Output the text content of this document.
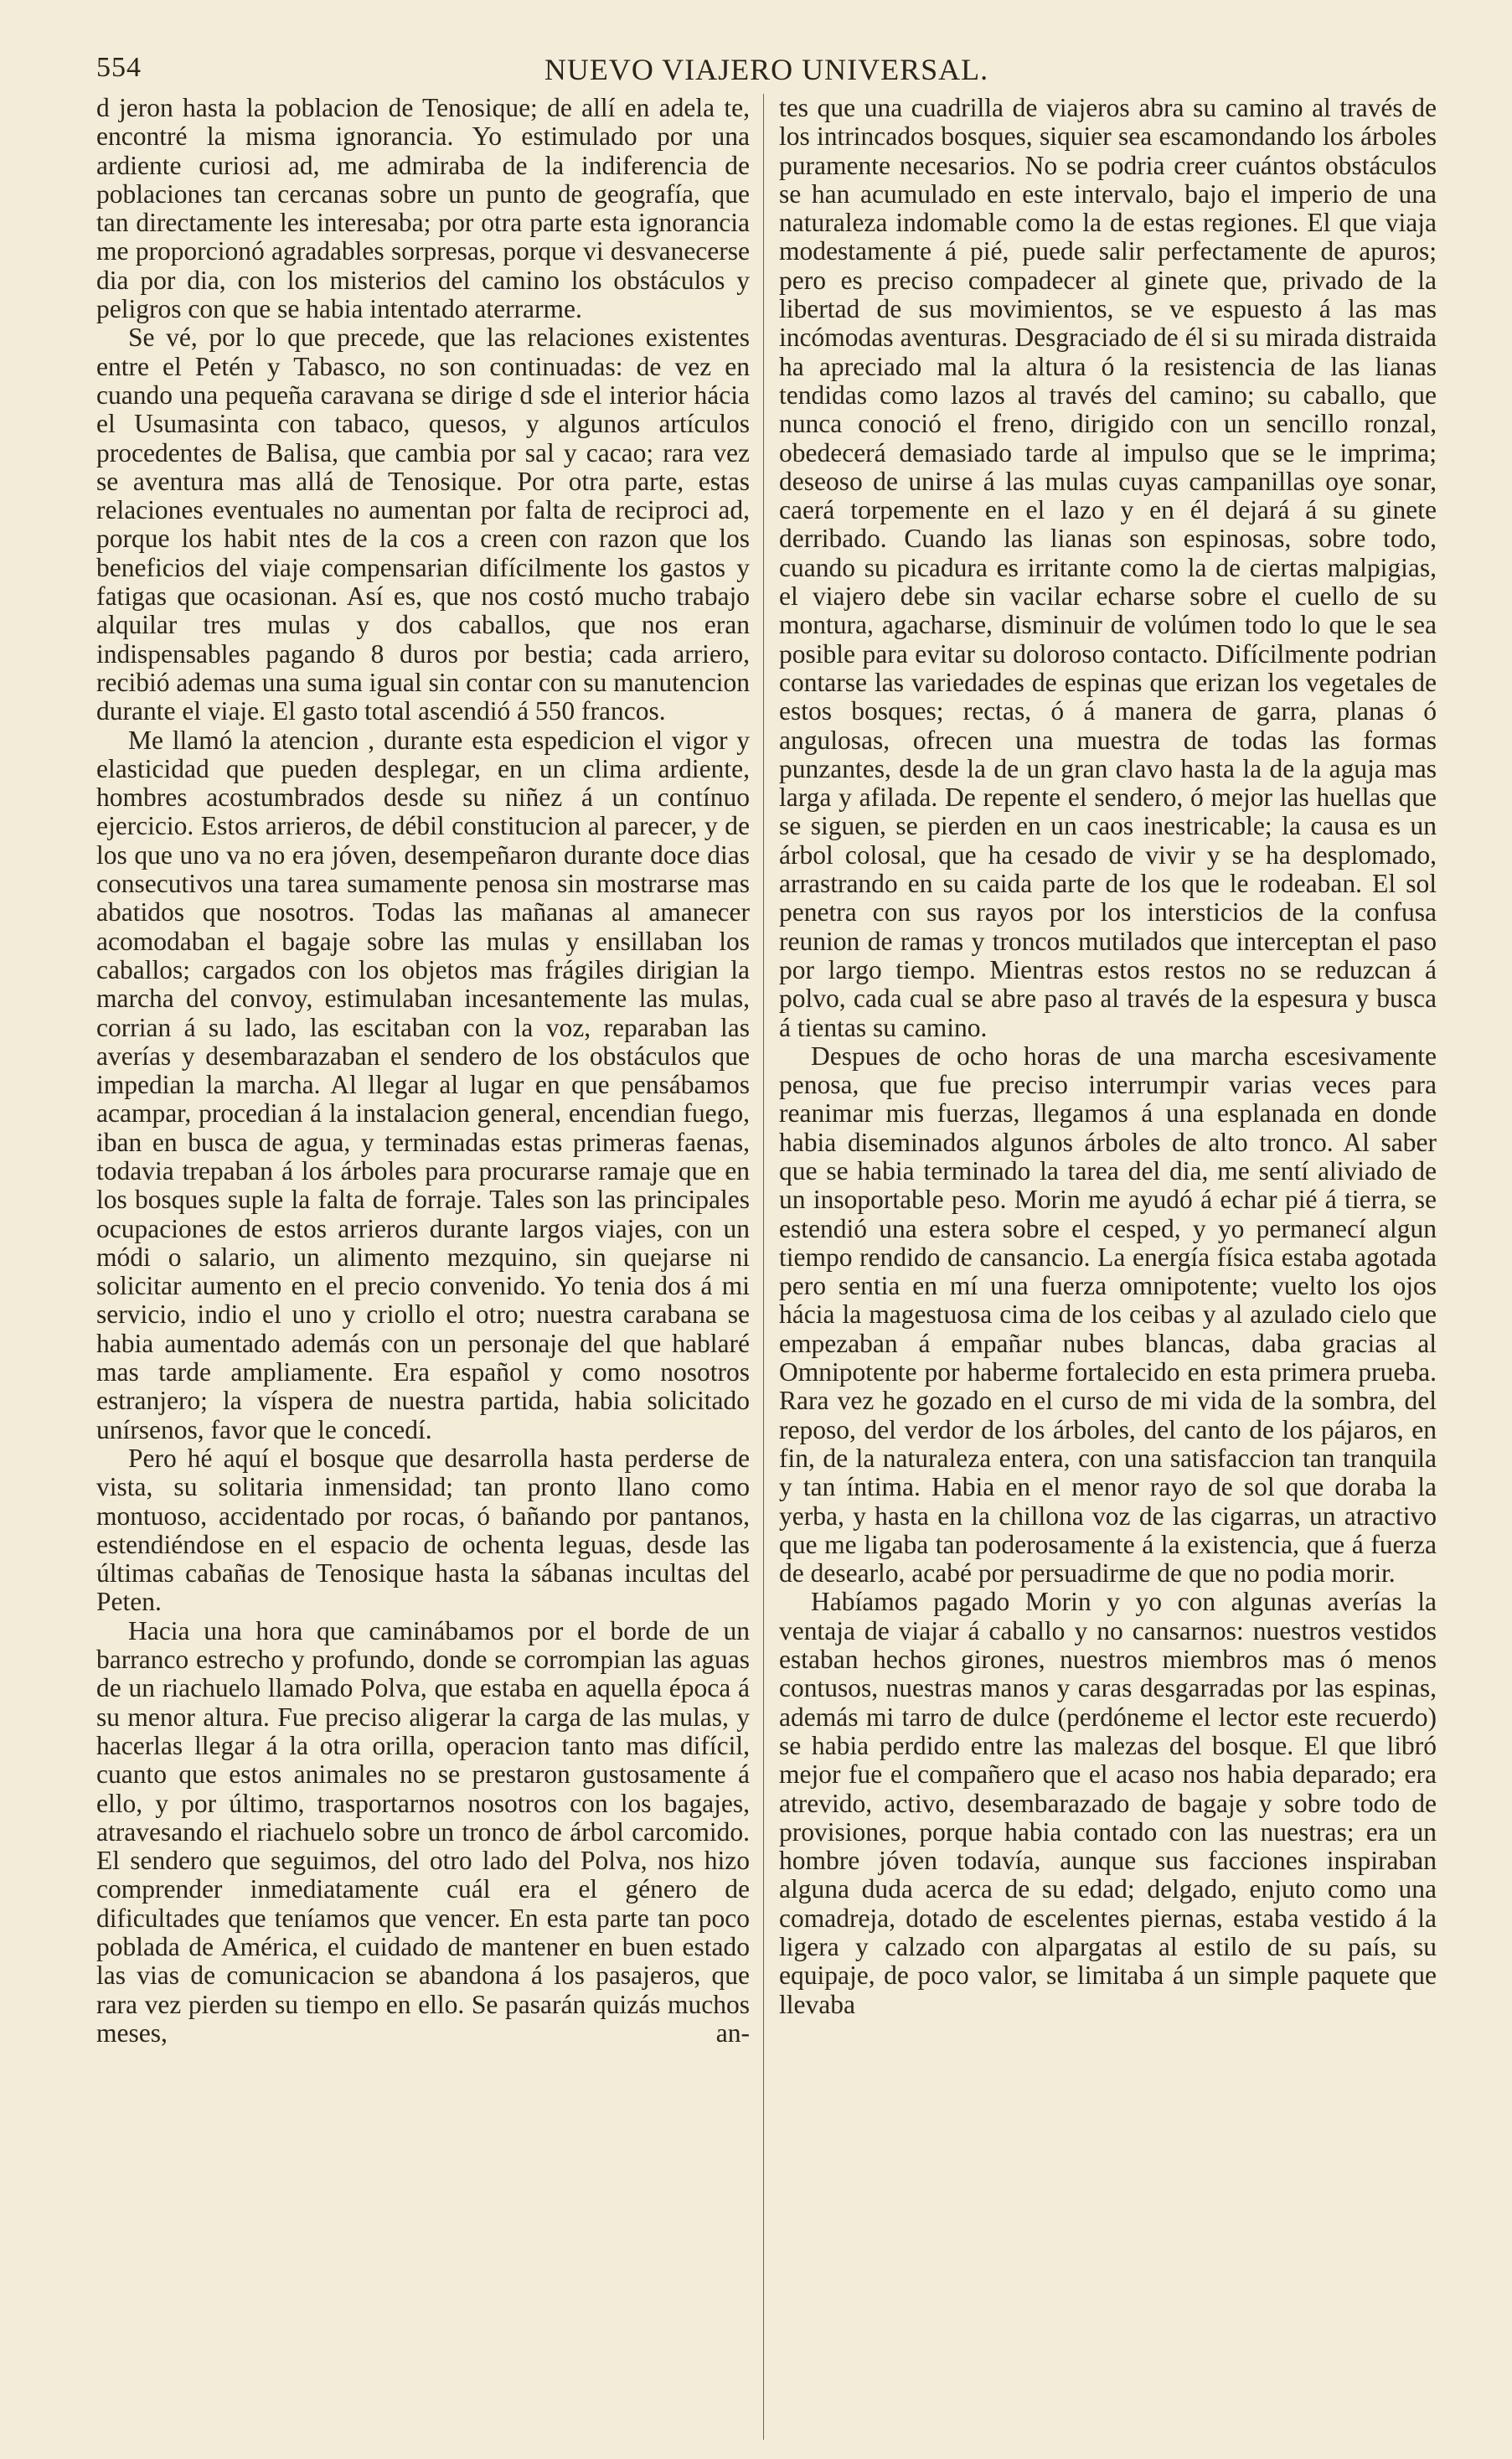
554	NUEVO VIAJERO UNIVERSAL.

d jeron hasta la poblacion de Tenosique; de allí en adela te, encontré la misma ignorancia. Yo estimulado por una ardiente curiosi ad, me admiraba de la indiferencia de poblaciones tan cercanas sobre un punto de geografía, que tan directamente les interesaba; por otra parte esta ignorancia me proporcionó agradables sorpresas, porque vi desvanecerse dia por dia, con los misterios del camino los obstáculos y peligros con que se habia intentado aterrarme.

Se vé, por lo que precede, que las relaciones existentes entre el Petén y Tabasco, no son continuadas: de vez en cuando una pequeña caravana se dirige d sde el interior hácia el Usumasinta con tabaco, quesos, y algunos artículos procedentes de Balisa, que cambia por sal y cacao; rara vez se aventura mas allá de Tenosique. Por otra parte, estas relaciones eventuales no aumentan por falta de reciproci ad, porque los habit ntes de la cos a creen con razon que los beneficios del viaje compensarian difícilmente los gastos y fatigas que ocasionan. Así es, que nos costó mucho trabajo alquilar tres mulas y dos caballos, que nos eran indispensables pagando 8 duros por bestia; cada arriero, recibió ademas una suma igual sin contar con su manutencion durante el viaje. El gasto total ascendió á 550 francos.

Me llamó la atencion , durante esta espedicion el vigor y elasticidad que pueden desplegar, en un clima ardiente, hombres acostumbrados desde su niñez á un contínuo ejercicio. Estos arrieros, de débil constitucion al parecer, y de los que uno va no era jóven, desempeñaron durante doce dias consecutivos una tarea sumamente penosa sin mostrarse mas abatidos que nosotros. Todas las mañanas al amanecer acomodaban el bagaje sobre las mulas y ensillaban los caballos; cargados con los objetos mas frágiles dirigian la marcha del convoy, estimulaban incesantemente las mulas, corrian á su lado, las escitaban con la voz, reparaban las averías y desembarazaban el sendero de los obstáculos que impedian la marcha. Al llegar al lugar en que pensábamos acampar, procedian á la instalacion general, encendian fuego, iban en busca de agua, y terminadas estas primeras faenas, todavia trepaban á los árboles para procurarse ramaje que en los bosques suple la falta de forraje. Tales son las principales ocupaciones de estos arrieros durante largos viajes, con un módi o salario, un alimento mezquino, sin quejarse ni solicitar aumento en el precio convenido. Yo tenia dos á mi servicio, indio el uno y criollo el otro; nuestra carabana se habia aumentado además con un personaje del que hablaré mas tarde ampliamente. Era español y como nosotros estranjero; la víspera de nuestra partida, habia solicitado unírsenos, favor que le concedí.

Pero hé aquí el bosque que desarrolla hasta perderse de vista, su solitaria inmensidad; tan pronto llano como montuoso, accidentado por rocas, ó bañando por pantanos, estendiéndose en el espacio de ochenta leguas, desde las últimas cabañas de Tenosique hasta la sábanas incultas del Peten.

Hacia una hora que caminábamos por el borde de un barranco estrecho y profundo, donde se corrompian las aguas de un riachuelo llamado Polva, que estaba en aquella época á su menor altura. Fue preciso aligerar la carga de las mulas, y hacerlas llegar á la otra orilla, operacion tanto mas difícil, cuanto que estos animales no se prestaron gustosamente á ello, y por último, trasportarnos nosotros con los bagajes, atravesando el riachuelo sobre un tronco de árbol carcomido. El sendero que seguimos, del otro lado del Polva, nos hizo comprender inmediatamente cuál era el género de dificultades que teníamos que vencer. En esta parte tan poco poblada de América, el cuidado de mantener en buen estado las vias de comunicacion se abandona á los pasajeros, que rara vez pierden su tiempo en ello. Se pasarán quizás muchos meses, an-

tes que una cuadrilla de viajeros abra su camino al través de los intrincados bosques, siquier sea escamondando los árboles puramente necesarios. No se podria creer cuántos obstáculos se han acumulado en este intervalo, bajo el imperio de una naturaleza indomable como la de estas regiones. El que viaja modestamente á pié, puede salir perfectamente de apuros; pero es preciso compadecer al ginete que, privado de la libertad de sus movimientos, se ve espuesto á las mas incómodas aventuras. Desgraciado de él si su mirada distraida ha apreciado mal la altura ó la resistencia de las lianas tendidas como lazos al través del camino; su caballo, que nunca conoció el freno, dirigido con un sencillo ronzal, obedecerá demasiado tarde al impulso que se le imprima; deseoso de unirse á las mulas cuyas campanillas oye sonar, caerá torpemente en el lazo y en él dejará á su ginete derribado. Cuando las lianas son espinosas, sobre todo, cuando su picadura es irritante como la de ciertas malpigias, el viajero debe sin vacilar echarse sobre el cuello de su montura, agacharse, disminuir de volúmen todo lo que le sea posible para evitar su doloroso contacto. Difícilmente podrian contarse las variedades de espinas que erizan los vegetales de estos bosques; rectas, ó á manera de garra, planas ó angulosas, ofrecen una muestra de todas las formas punzantes, desde la de un gran clavo hasta la de la aguja mas larga y afilada. De repente el sendero, ó mejor las huellas que se siguen, se pierden en un caos inestricable; la causa es un árbol colosal, que ha cesado de vivir y se ha desplomado, arrastrando en su caida parte de los que le rodeaban. El sol penetra con sus rayos por los intersticios de la confusa reunion de ramas y troncos mutilados que interceptan el paso por largo tiempo. Mientras estos restos no se reduzcan á polvo, cada cual se abre paso al través de la espesura y busca á tientas su camino.

Despues de ocho horas de una marcha escesivamente penosa, que fue preciso interrumpir varias veces para reanimar mis fuerzas, llegamos á una esplanada en donde habia diseminados algunos árboles de alto tronco. Al saber que se habia terminado la tarea del dia, me sentí aliviado de un insoportable peso. Morin me ayudó á echar pié á tierra, se estendió una estera sobre el cesped, y yo permanecí algun tiempo rendido de cansancio. La energía física estaba agotada pero sentia en mí una fuerza omnipotente; vuelto los ojos hácia la magestuosa cima de los ceibas y al azulado cielo que empezaban á empañar nubes blancas, daba gracias al Omnipotente por haberme fortalecido en esta primera prueba. Rara vez he gozado en el curso de mi vida de la sombra, del reposo, del verdor de los árboles, del canto de los pájaros, en fin, de la naturaleza entera, con una satisfaccion tan tranquila y tan íntima. Habia en el menor rayo de sol que doraba la yerba, y hasta en la chillona voz de las cigarras, un atractivo que me ligaba tan poderosamente á la existencia, que á fuerza de desearlo, acabé por persuadirme de que no podia morir.

Habíamos pagado Morin y yo con algunas averías la ventaja de viajar á caballo y no cansarnos: nuestros vestidos estaban hechos girones, nuestros miembros mas ó menos contusos, nuestras manos y caras desgarradas por las espinas, además mi tarro de dulce (perdóneme el lector este recuerdo) se habia perdido entre las malezas del bosque. El que libró mejor fue el compañero que el acaso nos habia deparado; era atrevido, activo, desembarazado de bagaje y sobre todo de provisiones, porque habia contado con las nuestras; era un hombre jóven todavía, aunque sus facciones inspiraban alguna duda acerca de su edad; delgado, enjuto como una comadreja, dotado de escelentes piernas, estaba vestido á la ligera y calzado con alpargatas al estilo de su país, su equipaje, de poco valor, se limitaba á un simple paquete que llevaba
